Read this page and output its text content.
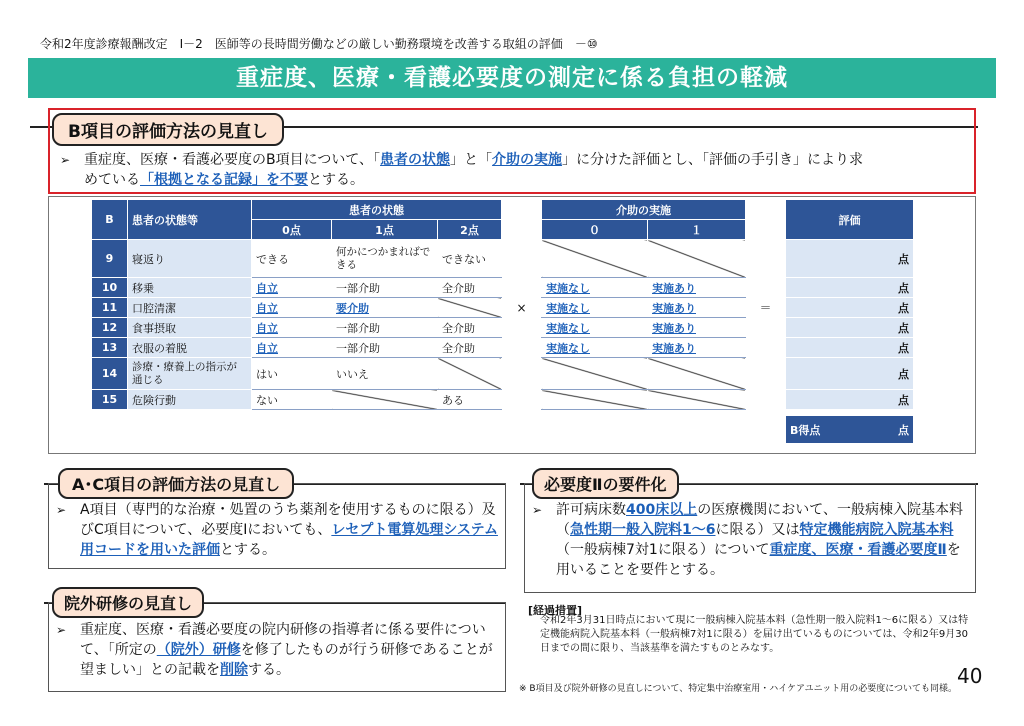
令和2年度診療報酬改定　Ⅰ－2　医師等の長時間労働などの厳しい勤務環境を改善する取組の評価　－⑩
重症度、医療・看護必要度の測定に係る負担の軽減
B項目の評価方法の見直し
➢ 重症度、医療・看護必要度のB項目について、「患者の状態」と「介助の実施」に分けた評価とし、「評価の手引き」により求
めている「根拠となる記録」を不要とする。
B	患者の状態等	患者の状態				介助の実施			評価
		0点	1点	2点		０	１		
9	寝返り	できる	何かにつかまればできる	できない					点
10	移乗	自立	一部介助	全介助		実施なし	実施あり		点
11	口腔清潔	自立	要介助		×	実施なし	実施あり	＝	点
12	食事摂取	自立	一部介助	全介助		実施なし	実施あり		点
13	衣服の着脱	自立	一部介助	全介助		実施なし	実施あり		点
14	診療・療養上の指示が通じる	はい	いいえ						点
15	危険行動	ない		ある					点

									B得点 点
A･C項目の評価方法の見直し
➢ A項目（専門的な治療・処置のうち薬剤を使用するものに限る）及びC項目について、必要度Ⅰにおいても、レセプト電算処理システム用コードを用いた評価とする。
院外研修の見直し
➢ 重症度、医療・看護必要度の院内研修の指導者に係る要件について、「所定の（院外）研修を修了したものが行う研修であることが望ましい」との記載を削除する。
必要度Ⅱの要件化
➢ 許可病床数400床以上の医療機関において、一般病棟入院基本料（急性期一般入院料1～6に限る）又は特定機能病院入院基本料（一般病棟7対1に限る）について重症度、医療・看護必要度Ⅱを用いることを要件とする。
[経過措置]
令和2年3月31日時点において現に一般病棟入院基本料（急性期一般入院料1～6に限る）又は特定機能病院入院基本料（一般病棟7対1に限る）を届け出ているものについては、令和2年9月30日までの間に限り、当該基準を満たすものとみなす。
40
※ B項目及び院外研修の見直しについて、特定集中治療室用・ハイケアユニット用の必要度についても同様。
